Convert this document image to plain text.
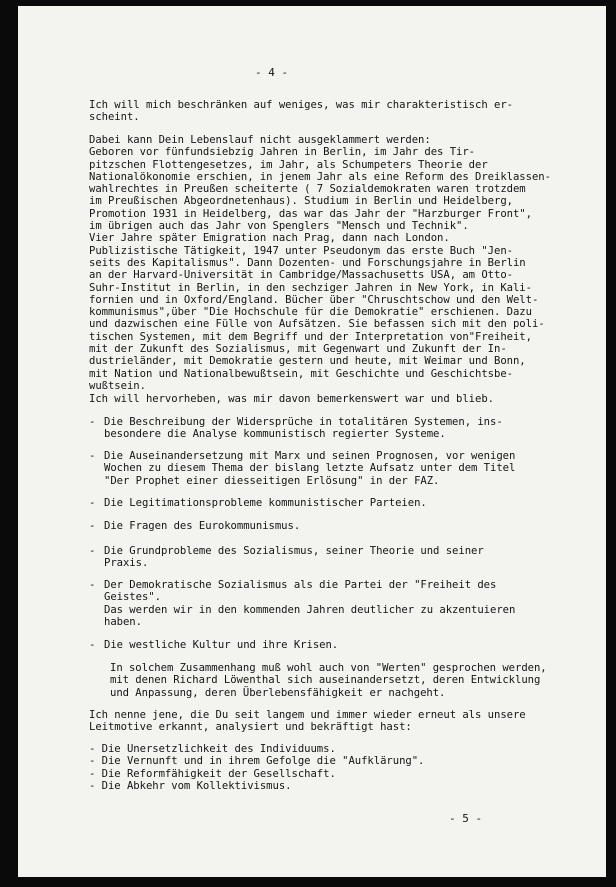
- 4 -
Ich will mich beschränken auf weniges, was mir charakteristisch er-
scheint.
Dabei kann Dein Lebenslauf nicht ausgeklammert werden:
Geboren vor fünfundsiebzig Jahren in Berlin, im Jahr des Tir-
pitzschen Flottengesetzes, im Jahr, als Schumpeters Theorie der
Nationalökonomie erschien, in jenem Jahr als eine Reform des Dreiklassen-
wahlrechtes in Preußen scheiterte ( 7 Sozialdemokraten waren trotzdem
im Preußischen Abgeordnetenhaus). Studium in Berlin und Heidelberg,
Promotion 1931 in Heidelberg, das war das Jahr der "Harzburger Front",
im übrigen auch das Jahr von Spenglers "Mensch und Technik".
Vier Jahre später Emigration nach Prag, dann nach London.
Publizistische Tätigkeit, 1947 unter Pseudonym das erste Buch "Jen-
seits des Kapitalismus". Dann Dozenten- und Forschungsjahre in Berlin
an der Harvard-Universität in Cambridge/Massachusetts USA, am Otto-
Suhr-Institut in Berlin, in den sechziger Jahren in New York, in Kali-
fornien und in Oxford/England. Bücher über "Chruschtschow und den Welt-
kommunismus",über "Die Hochschule für die Demokratie" erschienen. Dazu
und dazwischen eine Fülle von Aufsätzen. Sie befassen sich mit den poli-
tischen Systemen, mit dem Begriff und der Interpretation von"Freiheit,
mit der Zukunft des Sozialismus, mit Gegenwart und Zukunft der In-
dustrieländer, mit Demokratie gestern und heute, mit Weimar und Bonn,
mit Nation und Nationalbewußtsein, mit Geschichte und Geschichtsbe-
wußtsein.
Ich will hervorheben, was mir davon bemerkenswert war und blieb.
- Die Beschreibung der Widersprüche in totalitären Systemen, ins-
besondere die Analyse kommunistisch regierter Systeme.
- Die Auseinandersetzung mit Marx und seinen Prognosen, vor wenigen
Wochen zu diesem Thema der bislang letzte Aufsatz unter dem Titel
"Der Prophet einer diesseitigen Erlösung" in der FAZ.
- Die Legitimationsprobleme kommunistischer Parteien.
- Die Fragen des Eurokommunismus.
- Die Grundprobleme des Sozialismus, seiner Theorie und seiner
Praxis.
- Der Demokratische Sozialismus als die Partei der "Freiheit des
Geistes".
Das werden wir in den kommenden Jahren deutlicher zu akzentuieren
haben.
- Die westliche Kultur und ihre Krisen.
In solchem Zusammenhang muß wohl auch von "Werten" gesprochen werden,
mit denen Richard Löwenthal sich auseinandersetzt, deren Entwicklung
und Anpassung, deren Überlebensfähigkeit er nachgeht.
Ich nenne jene, die Du seit langem und immer wieder erneut als unsere
Leitmotive erkannt, analysiert und bekräftigt hast:
- Die Unersetzlichkeit des Individuums.
- Die Vernunft und in ihrem Gefolge die "Aufklärung".
- Die Reformfähigkeit der Gesellschaft.
- Die Abkehr vom Kollektivismus.
- 5 -
